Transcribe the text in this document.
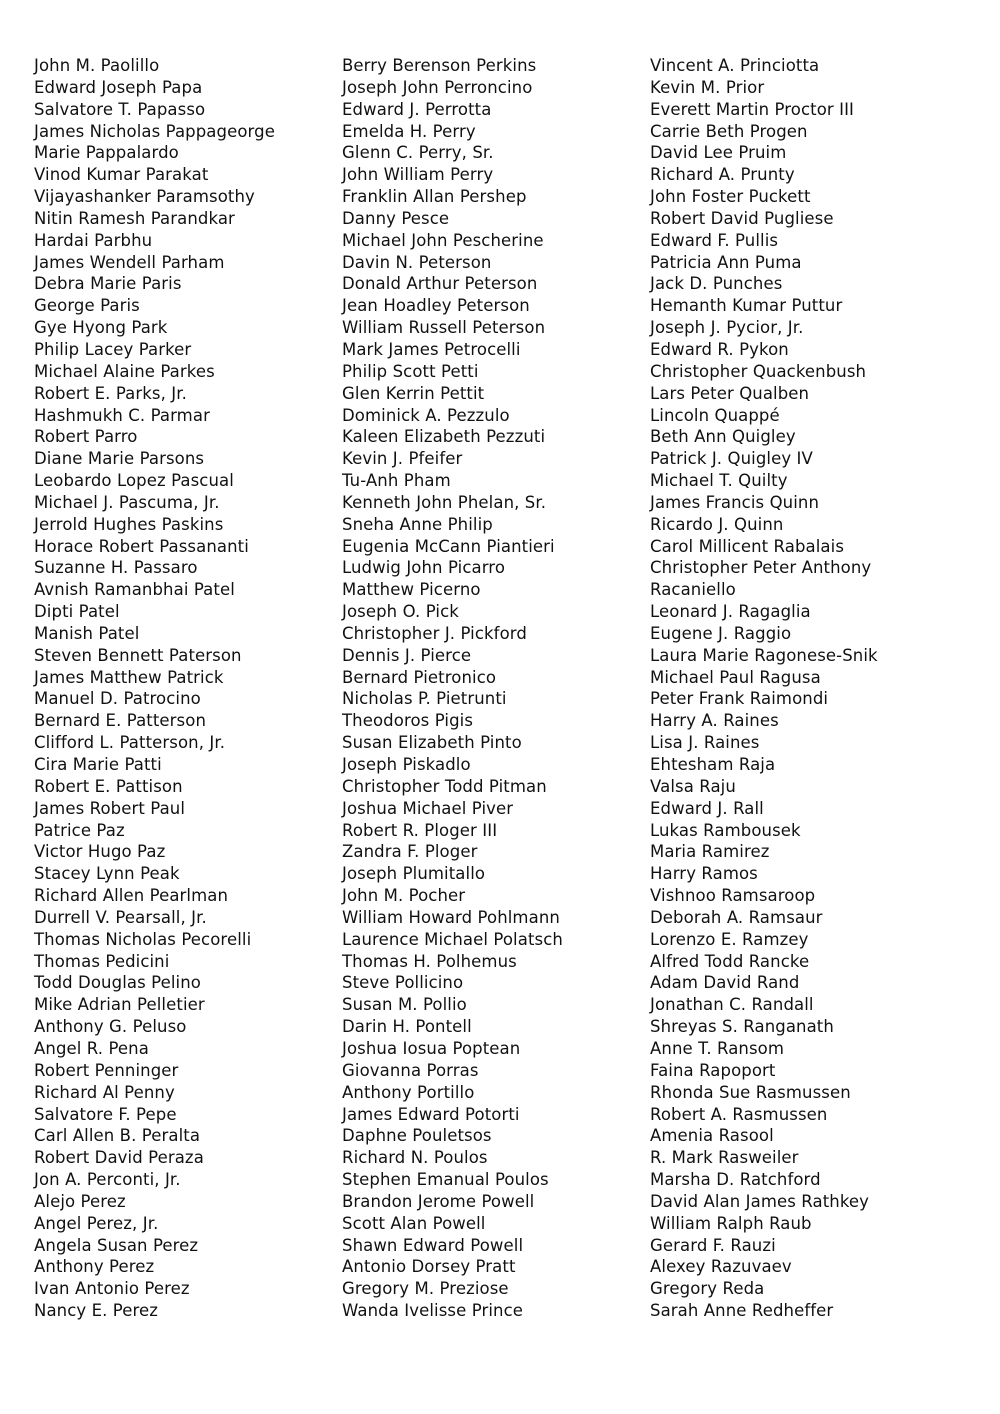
John M. Paolillo
Edward Joseph Papa
Salvatore T. Papasso
James Nicholas Pappageorge
Marie Pappalardo
Vinod Kumar Parakat
Vijayashanker Paramsothy
Nitin Ramesh Parandkar
Hardai Parbhu
James Wendell Parham
Debra Marie Paris
George Paris
Gye Hyong Park
Philip Lacey Parker
Michael Alaine Parkes
Robert E. Parks, Jr.
Hashmukh C. Parmar
Robert Parro
Diane Marie Parsons
Leobardo Lopez Pascual
Michael J. Pascuma, Jr.
Jerrold Hughes Paskins
Horace Robert Passananti
Suzanne H. Passaro
Avnish Ramanbhai Patel
Dipti Patel
Manish Patel
Steven Bennett Paterson
James Matthew Patrick
Manuel D. Patrocino
Bernard E. Patterson
Clifford L. Patterson, Jr.
Cira Marie Patti
Robert E. Pattison
James Robert Paul
Patrice Paz
Victor Hugo Paz
Stacey Lynn Peak
Richard Allen Pearlman
Durrell V. Pearsall, Jr.
Thomas Nicholas Pecorelli
Thomas Pedicini
Todd Douglas Pelino
Mike Adrian Pelletier
Anthony G. Peluso
Angel R. Pena
Robert Penninger
Richard Al Penny
Salvatore F. Pepe
Carl Allen B. Peralta
Robert David Peraza
Jon A. Perconti, Jr.
Alejo Perez
Angel Perez, Jr.
Angela Susan Perez
Anthony Perez
Ivan Antonio Perez
Nancy E. Perez
Berry Berenson Perkins
Joseph John Perroncino
Edward J. Perrotta
Emelda H. Perry
Glenn C. Perry, Sr.
John William Perry
Franklin Allan Pershep
Danny Pesce
Michael John Pescherine
Davin N. Peterson
Donald Arthur Peterson
Jean Hoadley Peterson
William Russell Peterson
Mark James Petrocelli
Philip Scott Petti
Glen Kerrin Pettit
Dominick A. Pezzulo
Kaleen Elizabeth Pezzuti
Kevin J. Pfeifer
Tu-Anh Pham
Kenneth John Phelan, Sr.
Sneha Anne Philip
Eugenia McCann Piantieri
Ludwig John Picarro
Matthew Picerno
Joseph O. Pick
Christopher J. Pickford
Dennis J. Pierce
Bernard Pietronico
Nicholas P. Pietrunti
Theodoros Pigis
Susan Elizabeth Pinto
Joseph Piskadlo
Christopher Todd Pitman
Joshua Michael Piver
Robert R. Ploger III
Zandra F. Ploger
Joseph Plumitallo
John M. Pocher
William Howard Pohlmann
Laurence Michael Polatsch
Thomas H. Polhemus
Steve Pollicino
Susan M. Pollio
Darin H. Pontell
Joshua Iosua Poptean
Giovanna Porras
Anthony Portillo
James Edward Potorti
Daphne Pouletsos
Richard N. Poulos
Stephen Emanual Poulos
Brandon Jerome Powell
Scott Alan Powell
Shawn Edward Powell
Antonio Dorsey Pratt
Gregory M. Preziose
Wanda Ivelisse Prince
Vincent A. Princiotta
Kevin M. Prior
Everett Martin Proctor III
Carrie Beth Progen
David Lee Pruim
Richard A. Prunty
John Foster Puckett
Robert David Pugliese
Edward F. Pullis
Patricia Ann Puma
Jack D. Punches
Hemanth Kumar Puttur
Joseph J. Pycior, Jr.
Edward R. Pykon
Christopher Quackenbush
Lars Peter Qualben
Lincoln Quappé
Beth Ann Quigley
Patrick J. Quigley IV
Michael T. Quilty
James Francis Quinn
Ricardo J. Quinn
Carol Millicent Rabalais
Christopher Peter Anthony
Racaniello
Leonard J. Ragaglia
Eugene J. Raggio
Laura Marie Ragonese-Snik
Michael Paul Ragusa
Peter Frank Raimondi
Harry A. Raines
Lisa J. Raines
Ehtesham Raja
Valsa Raju
Edward J. Rall
Lukas Rambousek
Maria Ramirez
Harry Ramos
Vishnoo Ramsaroop
Deborah A. Ramsaur
Lorenzo E. Ramzey
Alfred Todd Rancke
Adam David Rand
Jonathan C. Randall
Shreyas S. Ranganath
Anne T. Ransom
Faina Rapoport
Rhonda Sue Rasmussen
Robert A. Rasmussen
Amenia Rasool
R. Mark Rasweiler
Marsha D. Ratchford
David Alan James Rathkey
William Ralph Raub
Gerard F. Rauzi
Alexey Razuvaev
Gregory Reda
Sarah Anne Redheffer
